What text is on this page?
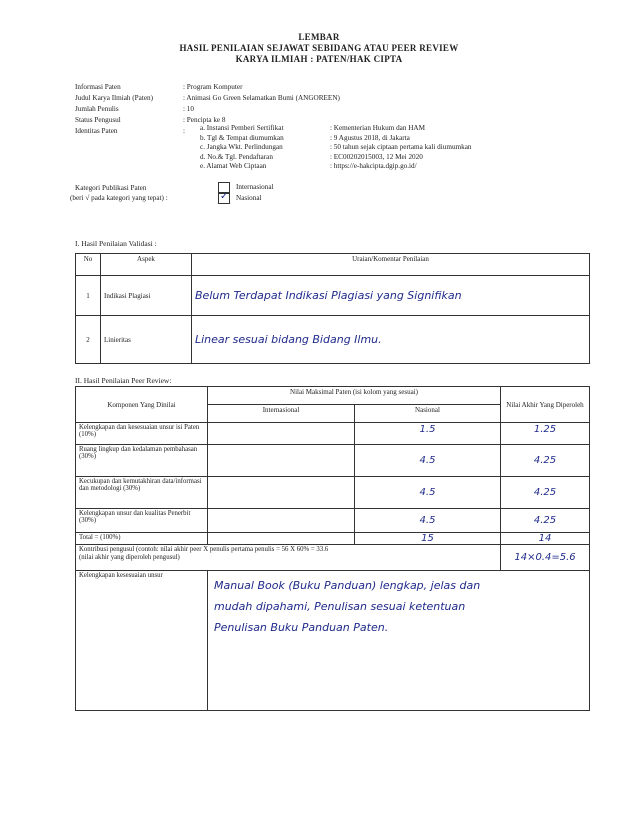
LEMBAR
HASIL PENILAIAN SEJAWAT SEBIDANG ATAU PEER REVIEW
KARYA ILMIAH : PATEN/HAK CIPTA
Informasi Paten	: Program Komputer
Judul Karya Ilmiah (Paten)	: Animasi Go Green Selamatkan Bumi (ANGOREEN)
Jumlah Penulis	: 10
Status Pengusul	: Pencipta ke 8
Identitas Paten	: a. Instansi Pemberi Sertifikat	: Kementerian Hukum dan HAM
b. Tgl & Tempat diumumkan	: 9 Agustus 2018, di Jakarta
c. Jangka Wkt. Perlindungan	: 50 tahun sejak ciptaan pertama kali diumumkan
d. No.& Tgl. Pendaftaran	: EC00202015003, 12 Mei 2020
e. Alamat Web Ciptaan	: https://e-hakcipta.dgip.go.id/
Kategori Publikasi Paten
(beri √ pada kategori yang tepat) :
Internasional
✓ Nasional
I. Hasil Penilaian Validasi :
No	Aspek	Uraian/Komentar Penilaian
1	Indikasi Plagiasi	Belum Terdapat Indikasi Plagiasi yang Signifikan
2	Linieritas	Linear sesuai bidang Bidang Ilmu.
II. Hasil Penilaian Peer Review:
Komponen Yang Dinilai	Nilai Maksimal Paten (isi kolom yang sesuai)		Nilai Akhir Yang Diperoleh
	Internasional	Nasional	
Kelengkapan dan kesesuaian unsur isi Paten (10%)		1.5	1.25
Ruang lingkup dan kedalaman pembahasan (30%)		4.5	4.25
Kecukupan dan kemutakhiran data/informasi dan metodologi (30%)		4.5	4.25
Kelengkapan unsur dan kualitas Penerbit (30%)		4.5	4.25
Total = (100%)		15	14

Kontribusi pengusul (contoh: nilai akhir peer X penulis pertama penulis = 56 X 60% = 33.6
(nilai akhir yang diperoleh pengusul)			14×0.4=5.6
Kelengkapan kesesuaian unsur	Manual Book (Buku Panduan) lengkap, jelas dan
mudah dipahami, Penulisan sesuai ketentuan
Penulisan Buku Panduan Paten.		
